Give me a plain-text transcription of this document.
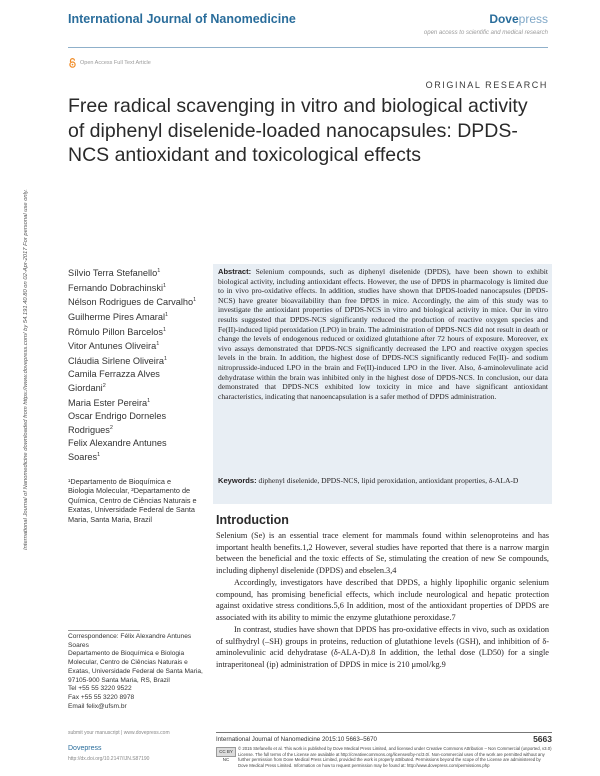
International Journal of Nanomedicine	Dovepress
open access to scientific and medical research
Open Access Full Text Article
ORIGINAL RESEARCH
Free radical scavenging in vitro and biological activity of diphenyl diselenide-loaded nanocapsules: DPDS-NCS antioxidant and toxicological effects
International Journal of Nanomedicine downloaded from https://www.dovepress.com/ by 54.191.40.80 on 02-Apr-2017 For personal use only.	Sílvio Terra Stefanello$^1$
Fernando Dobrachinski$^1$
Nélson Rodrigues de Carvalho$^1$
Guilherme Pires Amaral$^1$
Rômulo Pillon Barcelos$^1$
Vitor Antunes Oliveira$^1$
Cláudia Sirlene Oliveira$^1$
Camila Ferrazza Alves Giordani$^2$
Maria Ester Pereira$^1$
Oscar Endrigo Dorneles Rodrigues$^2$
Felix Alexandre Antunes Soares$^1$
¹Departamento de Bioquímica e Biologia Molecular, ²Departamento de Química, Centro de Ciências Naturais e Exatas, Universidade Federal de Santa Maria, Santa Maria, Brazil
Correspondence: Félix Alexandre Antunes Soares
Departamento de Bioquímica e Biologia Molecular, Centro de Ciências Naturais e Exatas, Universidade Federal de Santa Maria, 97105-900 Santa Maria, RS, Brazil
Tel +55 55 3220 9522
Fax +55 55 3220 8978
Email felix@ufsm.br
Abstract: Selenium compounds, such as diphenyl diselenide (DPDS), have been shown to exhibit biological activity, including antioxidant effects. However, the use of DPDS in pharmacology is limited due to in vivo pro-oxidative effects. In addition, studies have shown that DPDS-loaded nanocapsules (DPDS-NCS) have greater bioavailability than free DPDS in mice. Accordingly, the aim of this study was to investigate the antioxidant properties of DPDS-NCS in vitro and biological activity in mice. Our in vitro results suggested that DPDS-NCS significantly reduced the production of reactive oxygen species and Fe(II)-induced lipid peroxidation (LPO) in brain. The administration of DPDS-NCS did not result in death or change the levels of endogenous reduced or oxidized glutathione after 72 hours of exposure. Moreover, ex vivo assays demonstrated that DPDS-NCS significantly decreased the LPO and reactive oxygen species levels in the brain. In addition, the highest dose of DPDS-NCS significantly reduced Fe(II)- and sodium nitroprusside-induced LPO in the brain and Fe(II)-induced LPO in the liver. Also, δ-aminolevulinate acid dehydratase within the brain was inhibited only in the highest dose of DPDS-NCS. In conclusion, our data demonstrated that DPDS-NCS exhibited low toxicity in mice and have significant antioxidant characteristics, indicating that nanoencapsulation is a safer method of DPDS administration.
Keywords: diphenyl diselenide, DPDS-NCS, lipid peroxidation, antioxidant properties, δ-ALA-D
Introduction

Selenium (Se) is an essential trace element for mammals found within selenoproteins and has important health benefits.1,2 However, several studies have reported that there is a narrow margin between the beneficial and the toxic effects of Se, stimulating the creation of new Se compounds, including diphenyl diselenide (DPDS) and ebselen.3,4

Accordingly, investigators have described that DPDS, a highly lipophilic organic selenium compound, has promising beneficial effects, which include neurological and hepatic protection against oxidative stress conditions.5,6 In addition, most of the antioxidant properties of DPDS are associated with its ability to mimic the enzyme glutathione peroxidase.7

In contrast, studies have shown that DPDS has pro-oxidative effects in vivo, such as oxidation of sulfhydryl (–SH) groups in proteins, reduction of glutathione levels (GSH), and inhibition of δ-aminolevulinic acid dehydratase (δ-ALA-D).8 In addition, the lethal dose (LD50) for a single intraperitoneal (ip) administration of DPDS in mice is 210 μmol/kg.9

submit your manuscript | www.dovepress.com
Dovepress
http://dx.doi.org/10.2147/IJN.S87190
International Journal of Nanomedicine 2015:10 5663–5670	5663
CC BY NC
© 2015 Stefanello et al. This work is published by Dove Medical Press Limited, and licensed under Creative Commons Attribution – Non Commercial (unported, v3.0) License. The full terms of the License are available at http://creativecommons.org/licenses/by-nc/3.0/. Non-commercial uses of the work are permitted without any further permission from Dove Medical Press Limited, provided the work is properly attributed. Permissions beyond the scope of the License are administered by Dove Medical Press Limited. Information on how to request permission may be found at: http://www.dovepress.com/permissions.php
